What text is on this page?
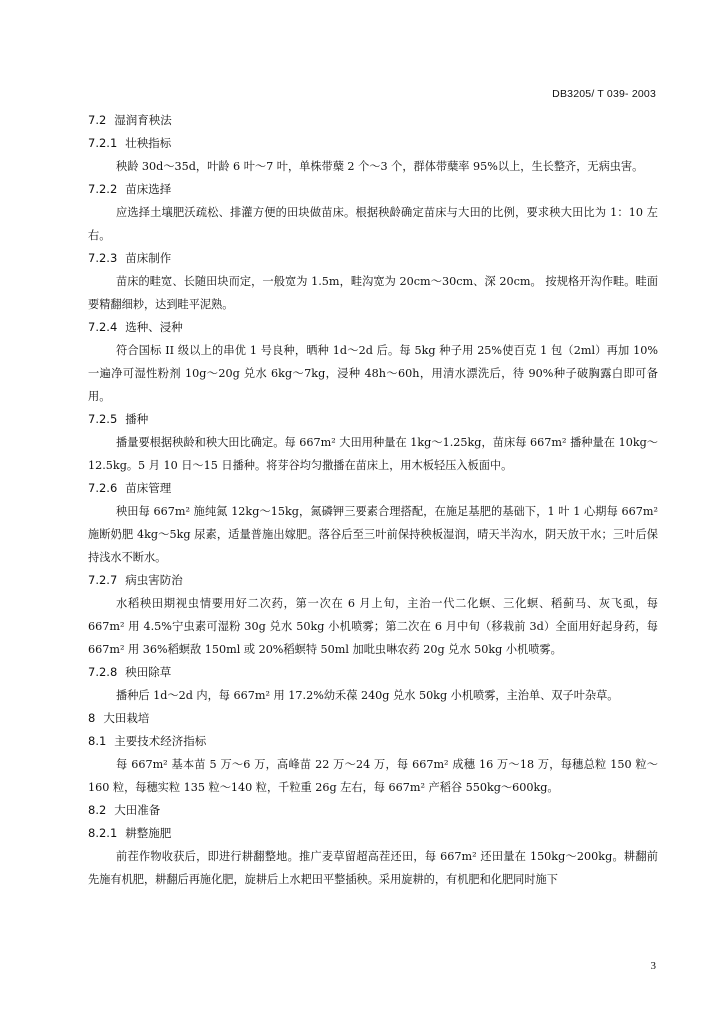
DB3205/ T 039- 2003
7.2 湿润育秧法
7.2.1 壮秧指标

秧龄 30d～35d，叶龄 6 叶～7 叶，单株带蘖 2 个～3 个，群体带蘖率 95%以上，生长整齐，无病虫害。

7.2.2 苗床选择

应选择土壤肥沃疏松、排灌方便的田块做苗床。根据秧龄确定苗床与大田的比例，要求秧大田比为 1：10 左右。

7.2.3 苗床制作

苗床的畦宽、长随田块而定，一般宽为 1.5m，畦沟宽为 20cm～30cm、深 20cm。 按规格开沟作畦。畦面要精翻细耖，达到畦平泥熟。

7.2.4 选种、浸种

符合国标 II 级以上的串优 1 号良种，晒种 1d～2d 后。每 5kg 种子用 25%使百克 1 包（2ml）再加 10%一遍净可湿性粉剂 10g～20g 兑水 6kg～7kg，浸种 48h～60h，用清水漂洗后，待 90%种子破胸露白即可备用。

7.2.5 播种

播量要根据秧龄和秧大田比确定。每 667m² 大田用种量在 1kg～1.25kg，苗床每 667m² 播种量在 10kg～12.5kg。5 月 10 日～15 日播种。将芽谷均匀撒播在苗床上，用木板轻压入板面中。

7.2.6 苗床管理

秧田每 667m² 施纯氮 12kg～15kg，氮磷钾三要素合理搭配，在施足基肥的基础下，1 叶 1 心期每 667m² 施断奶肥 4kg～5kg 尿素，适量普施出嫁肥。落谷后至三叶前保持秧板湿润，晴天半沟水，阴天放干水；三叶后保持浅水不断水。

7.2.7 病虫害防治

水稻秧田期视虫情要用好二次药，第一次在 6 月上旬，主治一代二化螟、三化螟、稻蓟马、灰飞虱，每 667m² 用 4.5%宁虫素可湿粉 30g 兑水 50kg 小机喷雾；第二次在 6 月中旬（移栽前 3d）全面用好起身药，每 667m² 用 36%稻螟敌 150ml 或 20%稻螟特 50ml 加吡虫啉农药 20g 兑水 50kg 小机喷雾。

7.2.8 秧田除草

播种后 1d～2d 内，每 667m² 用 17.2%幼禾葆 240g 兑水 50kg 小机喷雾，主治单、双子叶杂草。

8 大田栽培
8.1 主要技术经济指标

每 667m² 基本苗 5 万～6 万，高峰苗 22 万～24 万，每 667m² 成穗 16 万～18 万，每穗总粒 150 粒～160 粒，每穗实粒 135 粒～140 粒，千粒重 26g 左右，每 667m² 产稻谷 550kg～600kg。

8.2 大田准备
8.2.1 耕整施肥

前茬作物收获后，即进行耕翻整地。推广麦草留超高茬还田，每 667m² 还田量在 150kg～200kg。耕翻前先施有机肥，耕翻后再施化肥，旋耕后上水耙田平整插秧。采用旋耕的，有机肥和化肥同时施下

3
